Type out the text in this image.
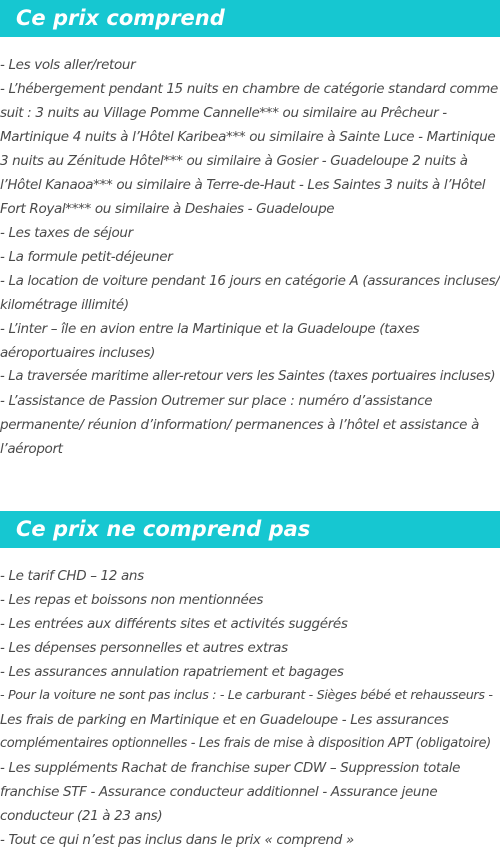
Ce prix comprend
- Les vols aller/retour
- L’hébergement pendant 15 nuits en chambre de catégorie standard comme
suit : 3 nuits au Village Pomme Cannelle*** ou similaire au Prêcheur -
Martinique 4 nuits à l’Hôtel Karibea*** ou similaire à Sainte Luce - Martinique
3 nuits au Zénitude Hôtel*** ou similaire à Gosier - Guadeloupe 2 nuits à
l’Hôtel Kanaoa*** ou similaire à Terre-de-Haut - Les Saintes 3 nuits à l’Hôtel
Fort Royal**** ou similaire à Deshaies - Guadeloupe
- Les taxes de séjour
- La formule petit-déjeuner
- La location de voiture pendant 16 jours en catégorie A (assurances incluses/
kilométrage illimité)
- L’inter – île en avion entre la Martinique et la Guadeloupe (taxes
aéroportuaires incluses)
- La traversée maritime aller-retour vers les Saintes (taxes portuaires incluses)
- L’assistance de Passion Outremer sur place : numéro d’assistance
permanente/ réunion d’information/ permanences à l’hôtel et assistance à
l’aéroport
Ce prix ne comprend pas
- Le tarif CHD – 12 ans
- Les repas et boissons non mentionnées
- Les entrées aux différents sites et activités suggérés
- Les dépenses personnelles et autres extras
- Les assurances annulation rapatriement et bagages
- Pour la voiture ne sont pas inclus : - Le carburant - Sièges bébé et rehausseurs -
Les frais de parking en Martinique et en Guadeloupe - Les assurances
complémentaires optionnelles - Les frais de mise à disposition APT (obligatoire)
- Les suppléments Rachat de franchise super CDW – Suppression totale
franchise STF - Assurance conducteur additionnel - Assurance jeune
conducteur (21 à 23 ans)
- Tout ce qui n’est pas inclus dans le prix « comprend »
